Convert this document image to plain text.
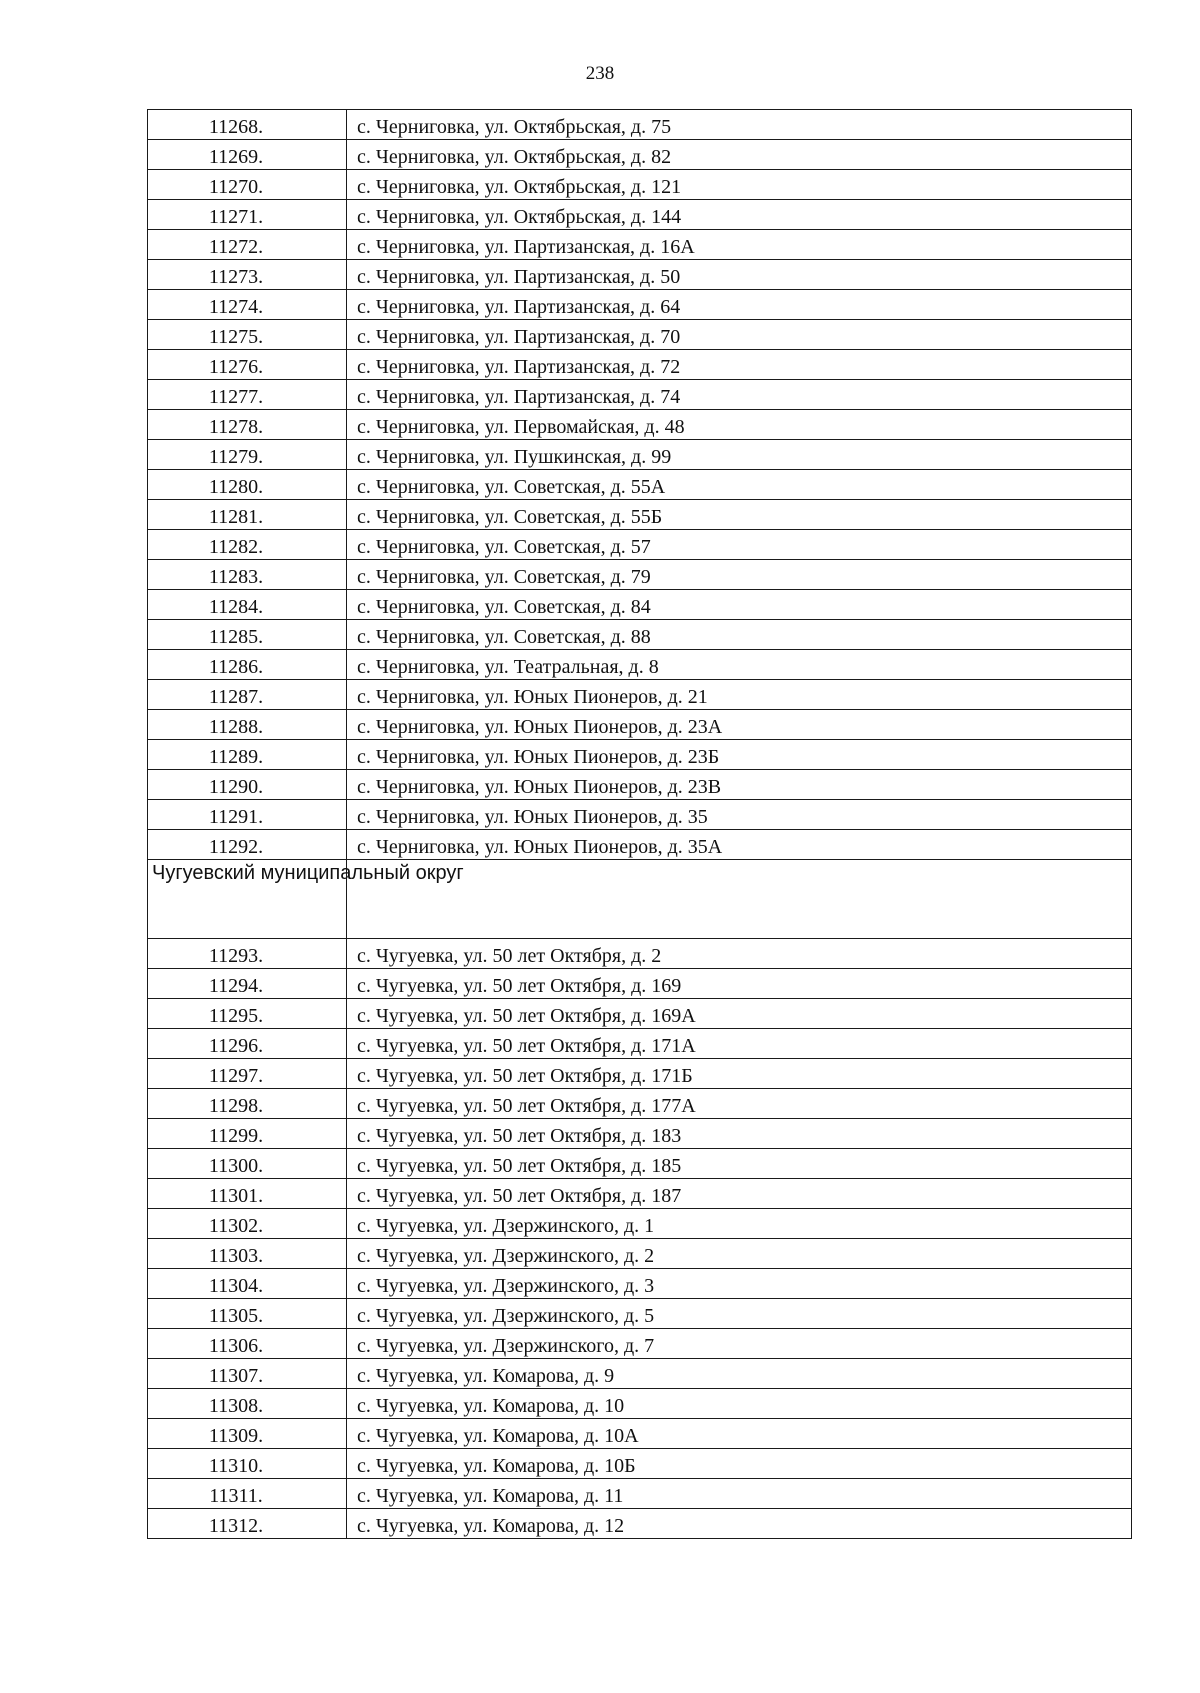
238
11268.	с. Черниговка, ул. Октябрьская, д. 75
11269.	с. Черниговка, ул. Октябрьская, д. 82
11270.	с. Черниговка, ул. Октябрьская, д. 121
11271.	с. Черниговка, ул. Октябрьская, д. 144
11272.	с. Черниговка, ул. Партизанская, д. 16А
11273.	с. Черниговка, ул. Партизанская, д. 50
11274.	с. Черниговка, ул. Партизанская, д. 64
11275.	с. Черниговка, ул. Партизанская, д. 70
11276.	с. Черниговка, ул. Партизанская, д. 72
11277.	с. Черниговка, ул. Партизанская, д. 74
11278.	с. Черниговка, ул. Первомайская, д. 48
11279.	с. Черниговка, ул. Пушкинская, д. 99
11280.	с. Черниговка, ул. Советская, д. 55А
11281.	с. Черниговка, ул. Советская, д. 55Б
11282.	с. Черниговка, ул. Советская, д. 57
11283.	с. Черниговка, ул. Советская, д. 79
11284.	с. Черниговка, ул. Советская, д. 84
11285.	с. Черниговка, ул. Советская, д. 88
11286.	с. Черниговка, ул. Театральная, д. 8
11287.	с. Черниговка, ул. Юных Пионеров, д. 21
11288.	с. Черниговка, ул. Юных Пионеров, д. 23А
11289.	с. Черниговка, ул. Юных Пионеров, д. 23Б
11290.	с. Черниговка, ул. Юных Пионеров, д. 23В
11291.	с. Черниговка, ул. Юных Пионеров, д. 35
11292.	с. Черниговка, ул. Юных Пионеров, д. 35А
Чугуевский муниципальный округ	
11293.	с. Чугуевка, ул. 50 лет Октября, д. 2
11294.	с. Чугуевка, ул. 50 лет Октября, д. 169
11295.	с. Чугуевка, ул. 50 лет Октября, д. 169А
11296.	с. Чугуевка, ул. 50 лет Октября, д. 171А
11297.	с. Чугуевка, ул. 50 лет Октября, д. 171Б
11298.	с. Чугуевка, ул. 50 лет Октября, д. 177А
11299.	с. Чугуевка, ул. 50 лет Октября, д. 183
11300.	с. Чугуевка, ул. 50 лет Октября, д. 185
11301.	с. Чугуевка, ул. 50 лет Октября, д. 187
11302.	с. Чугуевка, ул. Дзержинского, д. 1
11303.	с. Чугуевка, ул. Дзержинского, д. 2
11304.	с. Чугуевка, ул. Дзержинского, д. 3
11305.	с. Чугуевка, ул. Дзержинского, д. 5
11306.	с. Чугуевка, ул. Дзержинского, д. 7
11307.	с. Чугуевка, ул. Комарова, д. 9
11308.	с. Чугуевка, ул. Комарова, д. 10
11309.	с. Чугуевка, ул. Комарова, д. 10А
11310.	с. Чугуевка, ул. Комарова, д. 10Б
11311.	с. Чугуевка, ул. Комарова, д. 11
11312.	с. Чугуевка, ул. Комарова, д. 12
